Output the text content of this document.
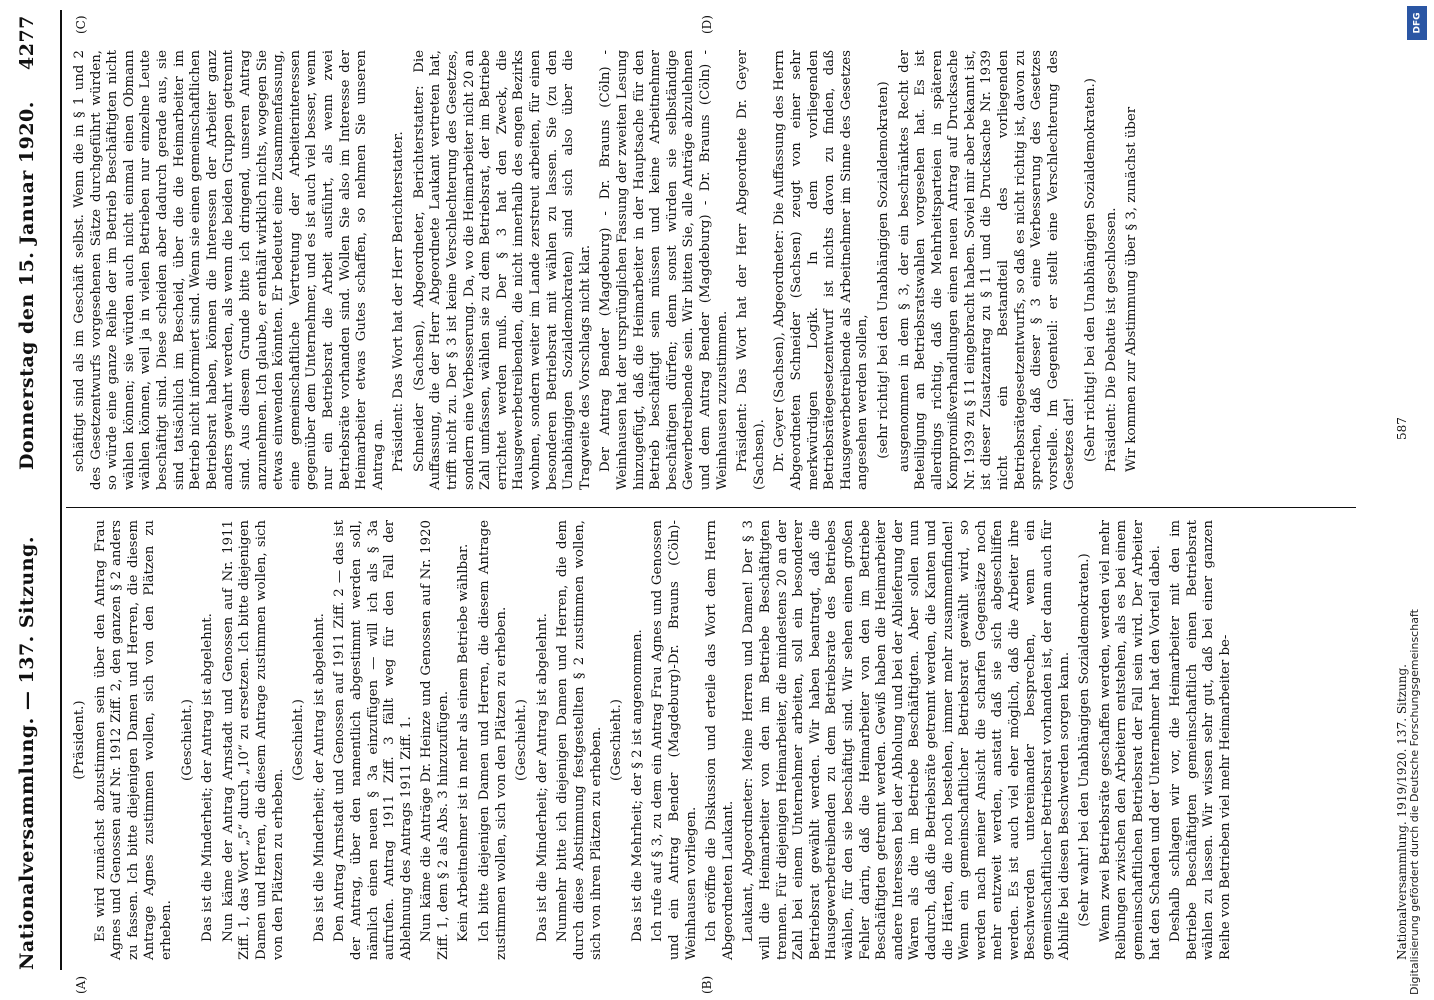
Nationalversammlung. — 137. Sitzung.
Donnerstag den 15. Januar 1920.
4277
(A)	(B)
(C)	(D)

(Präsident.) Es wird zunächst abzustimmen sein über den Antrag Frau Agnes und Genossen auf Nr. 1912 Ziff. 2, den ganzen § 2 anders zu fassen. Ich bitte diejenigen Damen und Herren, die diesem Antrage Agnes zustimmen wollen, sich von den Plätzen zu erheben.

(Geschieht.) Das ist die Minderheit; der Antrag ist abgelehnt. Nun käme der Antrag Arnstadt und Genossen auf Nr. 1911 Ziff. 1, das Wort „5“ durch „10“ zu ersetzen. Ich bitte diejenigen Damen und Herren, die diesem Antrage zustimmen wollen, sich von den Plätzen zu erheben.

(Geschieht.) Das ist die Minderheit; der Antrag ist abgelehnt. Den Antrag Arnstadt und Genossen auf 1911 Ziff. 2 — das ist der Antrag, über den namentlich abgestimmt werden soll, nämlich einen neuen § 3a einzufügen — will ich als § 3a aufrufen. Antrag 1911 Ziff. 3 fällt weg für den Fall der Ablehnung des Antrags 1911 Ziff. 1. Nun käme die Anträge Dr. Heinze und Genossen auf Nr. 1920 Ziff. 1, dem § 2 als Abs. 3 hinzuzufügen. Kein Arbeitnehmer ist in mehr als einem Betriebe wählbar. Ich bitte diejenigen Damen und Herren, die diesem Antrage zustimmen wollen, sich von den Plätzen zu erheben. (Geschieht.) Das ist die Minderheit; der Antrag ist abgelehnt. Nunmehr bitte ich diejenigen Damen und Herren, die dem durch diese Abstimmung festgestellten § 2 zustimmen wollen, sich von ihren Plätzen zu erheben. (Geschieht.) Das ist die Mehrheit; der § 2 ist angenommen. Ich rufe auf § 3, zu dem ein Antrag Frau Agnes und Genossen und ein Antrag Bender (Magdeburg)-Dr. Brauns (Cöln)-Weinhausen vorliegen. Ich eröffne die Diskussion und erteile das Wort dem Herrn Abgeordneten Laukant. Laukant, Abgeordneter: Meine Herren und Damen! Der § 3 will die Heimarbeiter von den im Betriebe Beschäftigten trennen. Für diejenigen Heimarbeiter, die mindestens 20 an der Zahl bei einem Unternehmer arbeiten, soll ein besonderer Betriebsrat gewählt werden. Wir haben beantragt, daß die Hausgewerbetreibenden zu dem Betriebsrate des Betriebes wählen, für den sie beschäftigt sind. Wir sehen einen großen Fehler darin, daß die Heimarbeiter von den im Betriebe Beschäftigten getrennt werden. Gewiß haben die Heimarbeiter andere Interessen bei der Abholung und bei der Ablieferung der Waren als die im Betriebe Beschäftigten. Aber sollen nun dadurch, daß die Betriebsräte getrennt werden, die Kanten und die Härten, die noch bestehen, immer mehr zusammenfinden! Wenn ein gemeinschaftlicher Betriebsrat gewählt wird, so werden nach meiner Ansicht die scharfen Gegensätze noch mehr entzweit werden, anstatt daß sie sich abgeschliffen werden. Es ist auch viel eher möglich, daß die Arbeiter ihre Beschwerden untereinander besprechen, wenn ein gemeinschaftlicher Betriebsrat vorhanden ist, der dann auch für Abhilfe bei diesen Beschwerden sorgen kann. (Sehr wahr! bei den Unabhängigen Sozialdemokraten.) Wenn zwei Betriebsräte geschaffen werden, werden viel mehr Reibungen zwischen den Arbeitern entstehen, als es bei einem gemeinschaftlichen Betriebsrat der Fall sein wird. Der Arbeiter hat den Schaden und der Unternehmer hat den Vorteil dabei. Deshalb schlagen wir vor, die Heimarbeiter mit den im Betriebe Beschäftigten gemeinschaftlich einen Betriebsrat wählen zu lassen. Wir wissen sehr gut, daß bei einer ganzen Reihe von Betrieben viel mehr Heimarbeiter be-

schäftigt sind als im Geschäft selbst. Wenn die in § 1 und 2 des Gesetzentwurfs vorgesehenen Sätze durchgeführt würden, so würde eine ganze Reihe der im Betrieb Beschäftigten nicht wählen können; sie würden auch nicht einmal einen Obmann wählen können, weil ja in vielen Betrieben nur einzelne Leute beschäftigt sind. Diese scheiden aber dadurch gerade aus, sie sind tatsächlich im Bescheid, über die die Heimarbeiter im Betrieb nicht informiert sind. Wenn sie einen gemeinschaftlichen Betriebsrat haben, können die Interessen der Arbeiter ganz anders gewahrt werden, als wenn die beiden Gruppen getrennt sind. Aus diesem Grunde bitte ich dringend, unseren Antrag anzunehmen. Ich glaube, er enthält wirklich nichts, wogegen Sie etwas einwenden könnten. Er bedeutet eine Zusammenfassung, eine gemeinschaftliche Vertretung der Arbeiterinteressen gegenüber dem Unternehmer, und es ist auch viel besser, wenn nur ein Betriebsrat die Arbeit ausführt, als wenn zwei Betriebsräte vorhanden sind. Wollen Sie also im Interesse der Heimarbeiter etwas Gutes schaffen, so nehmen Sie unseren Antrag an. Präsident: Das Wort hat der Herr Berichterstatter. Schneider (Sachsen), Abgeordneter, Berichterstatter: Die Auffassung, die der Herr Abgeordnete Laukant vertreten hat, trifft nicht zu. Der § 3 ist keine Verschlechterung des Gesetzes, sondern eine Verbesserung. Da, wo die Heimarbeiter nicht 20 an Zahl umfassen, wählen sie zu dem Betriebsrat, der im Betriebe errichtet werden muß. Der § 3 hat den Zweck, die Hausgewerbetreibenden, die nicht innerhalb des engen Bezirks wohnen, sondern weiter im Lande zerstreut arbeiten, für einen besonderen Betriebsrat mit wählen zu lassen. Sie (zu den Unabhängigen Sozialdemokraten) sind sich also über die Tragweite des Vorschlags nicht klar. Der Antrag Bender (Magdeburg) - Dr. Brauns (Cöln) - Weinhausen hat der ursprünglichen Fassung der zweiten Lesung hinzugefügt, daß die Heimarbeiter in der Hauptsache für den Betrieb beschäftigt sein müssen und keine Arbeitnehmer beschäftigen dürfen; denn sonst würden sie selbständige Gewerbetreibende sein. Wir bitten Sie, alle Anträge abzulehnen und dem Antrag Bender (Magdeburg) - Dr. Brauns (Cöln) - Weinhausen zuzustimmen. Präsident: Das Wort hat der Herr Abgeordnete Dr. Geyer (Sachsen). Dr. Geyer (Sachsen), Abgeordneter: Die Auffassung des Herrn Abgeordneten Schneider (Sachsen) zeugt von einer sehr merkwürdigen Logik. In dem vorliegenden Betriebsrätegesetzentwurf ist nichts davon zu finden, daß Hausgewerbetreibende als Arbeitnehmer im Sinne des Gesetzes angesehen werden sollen, (sehr richtig! bei den Unabhängigen Sozialdemokraten) ausgenommen in dem § 3, der ein beschränktes Recht der Beteiligung an Betriebsratswahlen vorgesehen hat. Es ist allerdings richtig, daß die Mehrheitsparteien in späteren Kompromißverhandlungen einen neuen Antrag auf Drucksache Nr. 1939 zu § 11 eingebracht haben. Soviel mir aber bekannt ist, ist dieser Zusatzantrag zu § 11 und die Drucksache Nr. 1939 nicht ein Bestandteil des vorliegenden Betriebsrätegesetzentwurfs, so daß es nicht richtig ist, davon zu sprechen, daß dieser § 3 eine Verbesserung des Gesetzes vorstelle. Im Gegenteil: er stellt eine Verschlechterung des Gesetzes dar! (Sehr richtig! bei den Unabhängigen Sozialdemokraten.) Präsident: Die Debatte ist geschlossen. Wir kommen zur Abstimmung über § 3, zunächst über

Nationalversammlung. 1919/1920. 137. Sitzung.
587
DFG
Digitalisierung gefördert durch die Deutsche Forschungsgemeinschaft
